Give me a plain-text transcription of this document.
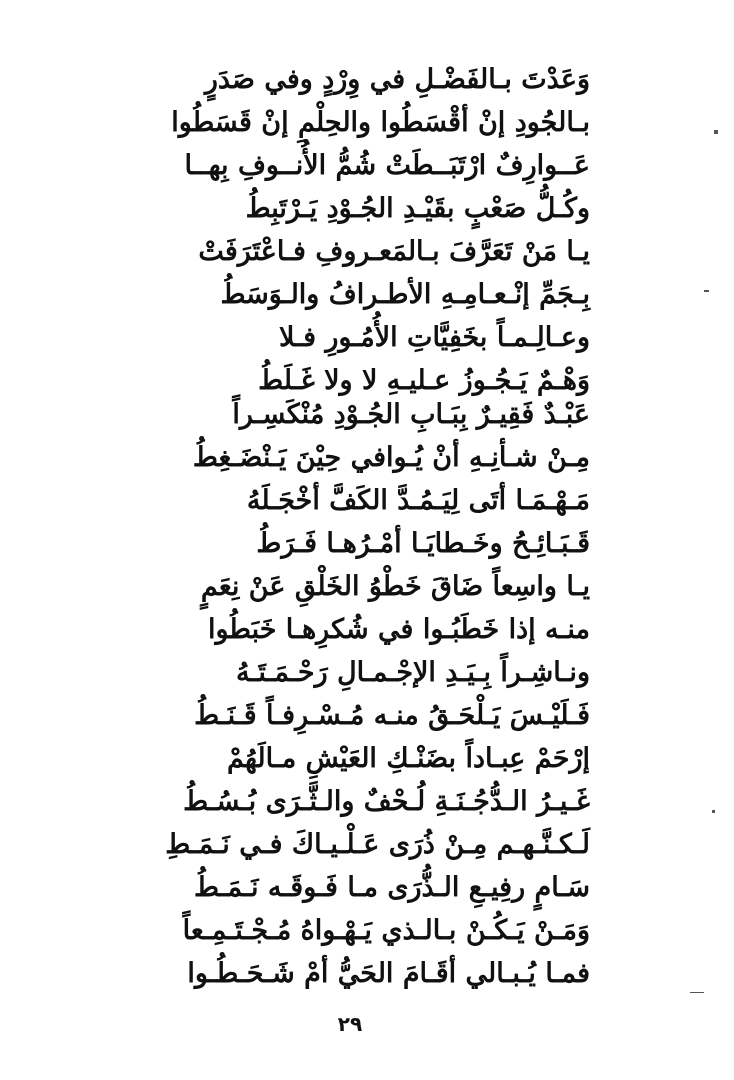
وَعَدْتَ بـالفَضْـلِ في وِرْدٍ وفي صَدَرٍ
بـالجُودِ إنْ أقْسَطُوا والحِلْمِ إنْ قَسَطُوا
عَــوارِفٌ ارْتَبَــطَتْ شُمُّ الأُنــوفِ بِهــا
وكُـلُّ صَعْبٍ بقَيْـدِ الجُـوْدِ يَـرْتَبِطُ
يـا مَنْ تَعَرَّفَ بـالمَعـروفِ فـاعْتَرَفَتْ
بِـجَمِّ إنْـعـامِـهِ الأطـرافُ والـوَسَطُ
وعـالِـمـاً بخَفِيَّاتِ الأُمُـورِ فـلا
وَهْـمٌ يَـجُـوزُ عـليـهِ لا ولا غَـلَطُ
عَبْـدٌ فَقِيـرٌ بِبَـابِ الجُـوْدِ مُنْكَسِـراً
مِـنْ شـأنِـهِ أنْ يُـوافي حِيْنَ يَـنْضَـغِطُ
مَـهْـمَـا أتَى لِيَـمُـدَّ الكَفَّ أخْجَـلَهُ
قَـبَـائِـحُ وخَـطايَـا أمْـرُهـا فَـرَطُ
يـا واسِعاً ضَاقَ خَطْوُ الخَلْقِ عَنْ نِعَمٍ
منـه إذا خَطَبُـوا في شُكرِهـا خَبَطُوا
ونـاشِـراً بِـيَـدِ الإجْـمـالِ رَحْـمَـتَـهُ
فَـلَيْـسَ يَـلْحَـقُ منـه مُـسْـرِفـاً قَـنَـطُ
إرْحَمْ عِبـاداً بضَنْـكِ العَيْشِ مـالَهُمْ
غَـيـرُ الـدُّجُـنَـةِ لُـحْفٌ والـثَّـرَى بُـسُـطُ
لَـكـنَّـهـم مِـنْ ذُرَى عَـلْـيـاكَ فـي نَـمَـطِ
سَـامٍ رفِيـعِ الـذُّرَى مـا فَـوقَـه نَـمَـطُ
وَمَـنْ يَـكُـنْ بـالـذي يَـهْـواهُ مُـجْـتَـمِـعاً
فمـا يُـبـالي أقَـامَ الحَيُّ أمْ شَـحَـطُـوا
٢٩
